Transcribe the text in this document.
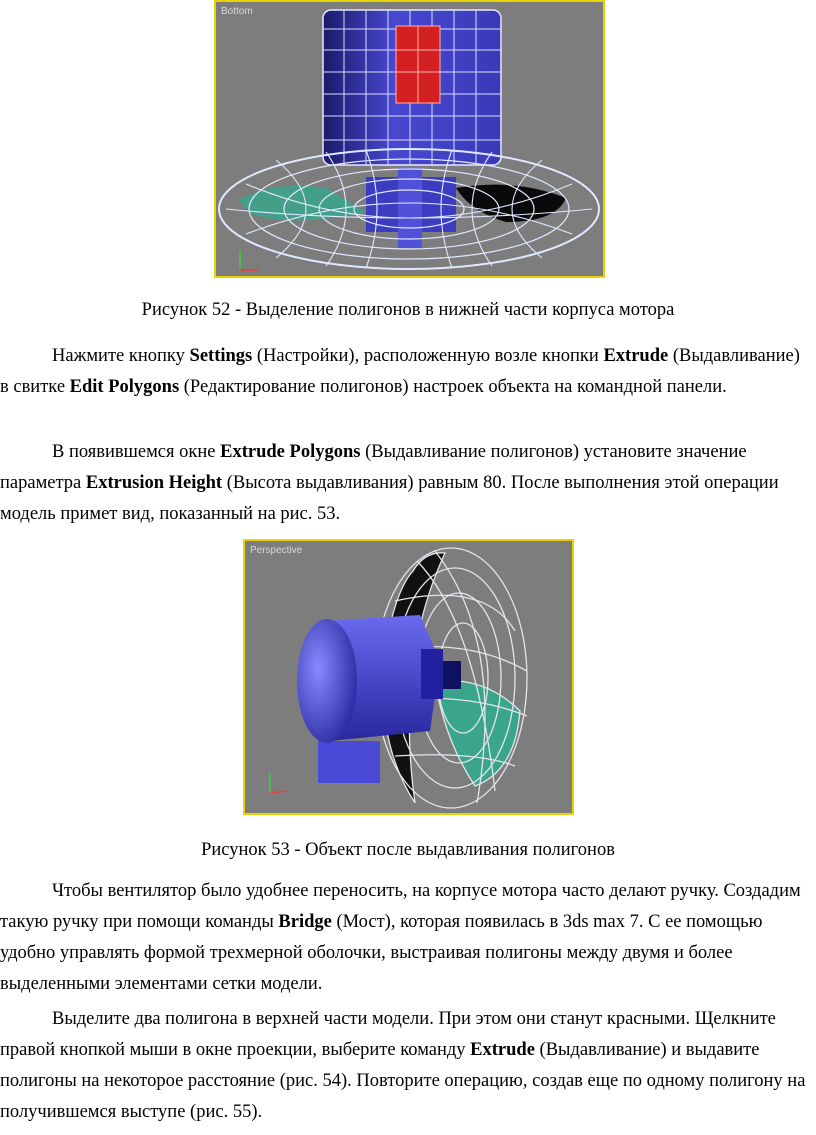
Bottom
Рисунок 52 - Выделение полигонов в нижней части корпуса мотора

Нажмите кнопку Settings (Настройки), расположенную возле кнопки Extrude (Выдавливание) в свитке Edit Polygons (Редактирование полигонов) настроек объекта на командной панели.

В появившемся окне Extrude Polygons (Выдавливание полигонов) установите значение параметра Extrusion Height (Высота выдавливания) равным 80. После выполнения этой операции модель примет вид, показанный на рис. 53.

Perspective
Рисунок 53 - Объект после выдавливания полигонов

Чтобы вентилятор было удобнее переносить, на корпусе мотора часто делают ручку. Создадим такую ручку при помощи команды Bridge (Мост), которая появилась в 3ds max 7. С ее помощью удобно управлять формой трехмерной оболочки, выстраивая полигоны между двумя и более выделенными элементами сетки модели.

Выделите два полигона в верхней части модели. При этом они станут красными. Щелкните правой кнопкой мыши в окне проекции, выберите команду Extrude (Выдавливание) и выдавите полигоны на некоторое расстояние (рис. 54). Повторите операцию, создав еще по одному полигону на получившемся выступе (рис. 55).
